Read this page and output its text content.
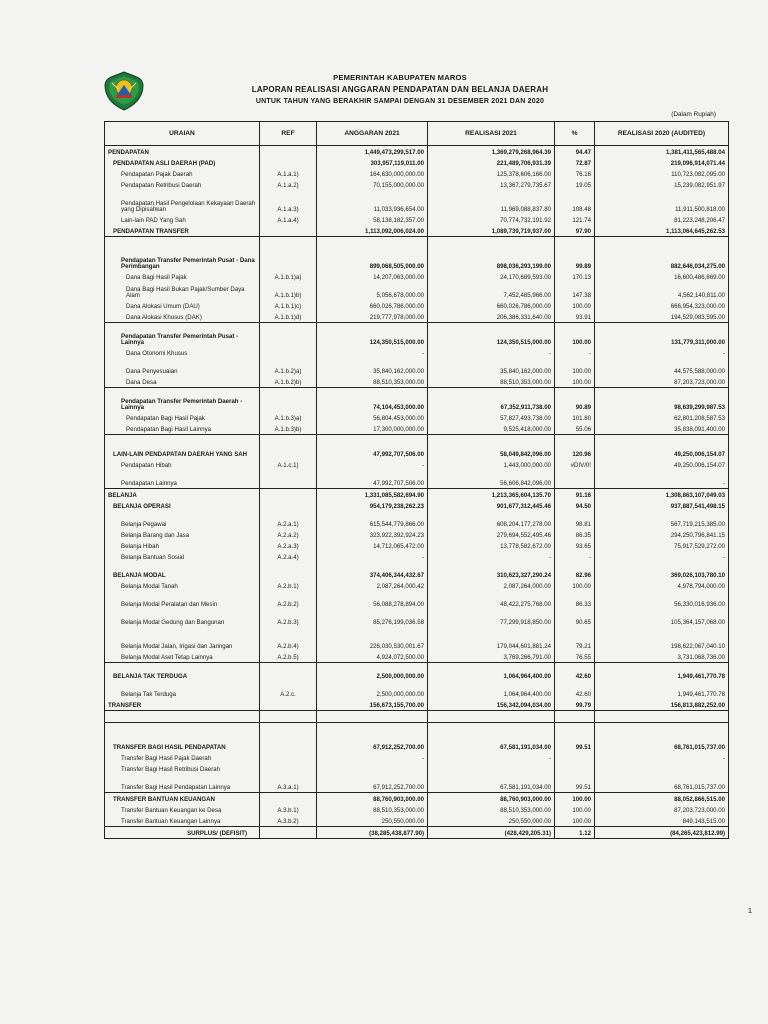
PEMERINTAH KABUPATEN MAROS
LAPORAN REALISASI ANGGARAN PENDAPATAN DAN BELANJA DAERAH
UNTUK TAHUN YANG BERAKHIR SAMPAI DENGAN 31 DESEMBER 2021 DAN 2020
(Dalam Rupiah)
URAIAN	REF	ANGGARAN 2021	REALISASI 2021	%	REALISASI 2020 (AUDITED)
PENDAPATAN		1,449,473,299,517.00	1,369,279,268,964.39	94.47	1,381,411,565,488.04
PENDAPATAN ASLI DAERAH (PAD)		303,957,119,011.00	221,489,706,931.39	72.87	219,096,914,071.44
Pendapatan Pajak Daerah	A.1.a.1)	164,630,000,000.00	125,378,606,166.00	76.16	110,723,082,095.00
Pendapatan Retribusi Daerah	A.1.a.2)	70,155,000,000.00	13,367,279,735.67	19.05	15,239,082,951.97
Pendapatan Hasil Pengelolaan Kekayaan Daerah yang Dipisahkan	A.1.a.3)	11,033,936,654.00	11,969,088,837.80	108.48	11,911,500,818.00
Lain-lain PAD Yang Sah	A.1.a.4)	58,138,182,357.00	70,774,732,191.92	121.74	81,223,248,206.47
PENDAPATAN TRANSFER		1,113,092,006,024.00	1,089,739,719,937.00	97.90	1,113,064,645,262.53

Pendapatan Transfer Pemerintah Pusat - Dana Perimbangan		899,068,505,000.00	898,036,293,199.00	99.89	882,646,034,275.00
Dana Bagi Hasil Pajak	A.1.b.1)a)	14,207,063,000.00	24,170,689,593.00	170.13	16,600,486,869.00
Dana Bagi Hasil Bukan Pajak/Sumber Daya Alam	A.1.b.1)b)	5,056,678,000.00	7,452,485,966.00	147.38	4,562,140,811.00
Dana Alokasi Umum (DAU)	A.1.b.1)c)	660,026,786,000.00	660,026,786,000.00	100.00	666,954,323,000.00
Dana Alokasi Khusus (DAK)	A.1.b.1)d)	219,777,978,000.00	206,386,331,640.00	93.91	194,529,083,595.00
Pendapatan Transfer Pemerintah Pusat - Lainnya		124,350,515,000.00	124,350,515,000.00	100.00	131,779,311,000.00
Dana Otonomi Khusus		-	-	-	-
Dana Penyesuaian	A.1.b.2)a)	35,840,162,000.00	35,840,162,000.00	100.00	44,575,588,000.00
Dana Desa	A.1.b.2)b)	88,510,353,000.00	88,510,353,000.00	100.00	87,203,723,000.00
Pendapatan Transfer Pemerintah Daerah - Lainnya		74,104,453,000.00	67,352,911,738.00	90.89	98,639,299,987.53
Pendapatan Bagi Hasil Pajak	A.1.b.3)a)	56,804,453,000.00	57,827,493,738.00	101.80	62,801,208,587.53
Pendapatan Bagi Hasil Lainnya	A.1.b.3)b)	17,300,000,000.00	9,525,418,000.00	55.06	35,838,091,400.00
LAIN-LAIN PENDAPATAN DAERAH YANG SAH		47,992,707,506.00	58,049,842,096.00	120.96	49,250,006,154.07
Pendapatan Hibah	A.1.c.1)	-	1,443,000,000.00	#DIV/0!	49,250,006,154.07
Pendapatan Lainnya		47,992,707,506.00	56,606,842,096.00		-
BELANJA		1,331,085,582,694.90	1,213,365,604,135.70	91.16	1,308,863,107,049.03
BELANJA OPERASI		954,179,238,262.23	901,677,312,445.46	94.50	937,887,541,498.15
Belanja Pegawai	A.2.a.1)	615,544,779,866.00	608,204,177,278.00	98.81	567,719,215,385.00
Belanja Barang dan Jasa	A.2.a.2)	323,922,392,924.23	279,694,552,495.46	86.35	294,250,796,841.15
Belanja Hibah	A.2.a.3)	14,712,065,472.00	13,778,582,672.00	93.65	75,917,529,272.00
Belanja Bantuan Sosial	A.2.a.4)	-	-	-	-
BELANJA MODAL		374,406,344,432.67	310,623,327,290.24	82.96	369,026,103,780.10
Belanja Modal Tanah	A.2.b.1)	2,087,264,000.42	2,087,264,000.00	100.00	4,978,794,000.00
Belanja Modal Peralatan dan Mesin	A.2.b.2)	56,088,278,894.00	48,422,275,768.00	86.33	56,330,016,936.00
Belanja Modal Gedung dan Bangunan	A.2.b.3)	85,276,199,036.58	77,299,918,850.00	90.65	105,364,157,068.00
Belanja Modal Jalan, Irigasi dan Jaringan	A.2.b.4)	226,030,530,001.67	179,044,601,881.24	79.21	198,622,067,040.10
Belanja Modal Aset Tetap Lainnya	A.2.b.5)	4,924,072,500.00	3,769,266,791.00	76.55	3,731,068,736.00
BELANJA TAK TERDUGA		2,500,000,000.00	1,064,964,400.00	42.60	1,949,461,770.78
Belanja Tak Terduga	A.2.c.	2,500,000,000.00	1,064,964,400.00	42.60	1,949,461,770.78
TRANSFER		156,673,155,700.00	156,342,094,034.00	99.79	156,813,882,252.00

TRANSFER BAGI HASIL PENDAPATAN		67,912,252,700.00	67,581,191,034.00	99.51	68,761,015,737.00
Transfer Bagi Hasil Pajak Daerah		-	-		-
Transfer Bagi Hasil Retribusi Daerah					
Transfer Bagi Hasil Pendapatan Lainnya	A.3.a.1)	67,912,252,700.00	67,581,191,034.00	99.51	68,761,015,737.00
TRANSFER BANTUAN KEUANGAN		88,760,903,000.00	88,760,903,000.00	100.00	88,052,866,515.00
Transfer Bantuan Keuangan ke Desa	A.3.b.1)	88,510,353,000.00	88,510,353,000.00	100.00	87,203,723,000.00
Transfer Bantuan Keuangan Lainnya	A.3.b.2)	250,550,000.00	250,550,000.00	100.00	849,143,515.00
SURPLUS/ (DEFISIT)		(38,285,438,877.90)	(428,429,205.31)	1.12	(84,265,423,812.99)
1
